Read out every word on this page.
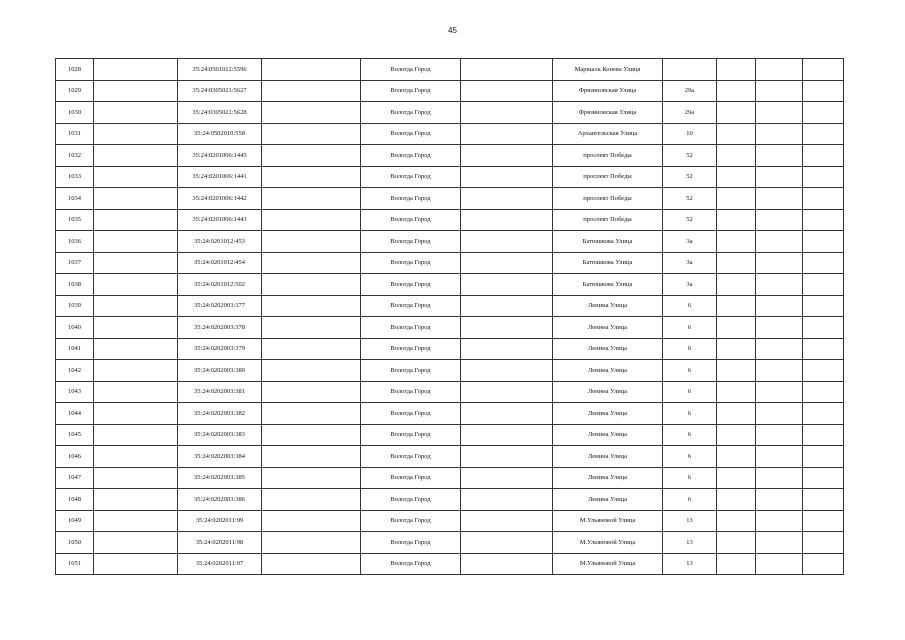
45
1028		35:24:0501012:5596		Вологда Город		Маршала Конева Улица				
1029		35:24:0305021:5627		Вологда Город		Фрязиновская Улица	29а			
1030		35:24:0305021:5628		Вологда Город		Фрязиновская Улица	29а			
1031		35:24:0502010:558		Вологда Город		Архангельская Улица	10			
1032		35:24:0201006:1445		Вологда Город		проспект Победы	52			
1033		35:24:0201006:1441		Вологда Город		проспект Победы	52			
1034		35:24:0201006:1442		Вологда Город		проспект Победы	52			
1035		35:24:0201006:1443		Вологда Город		проспект Победы	52			
1036		35:24:0201012:453		Вологда Город		Батюшкова Улица	3а			
1037		35:24:0201012:454		Вологда Город		Батюшкова Улица	3а			
1038		35:24:0201012:502		Вологда Город		Батюшкова Улица	3а			
1039		35:24:0202003:377		Вологда Город		Ленина Улица	6			
1040		35:24:0202003:378		Вологда Город		Ленина Улица	6			
1041		35:24:0202003:379		Вологда Город		Ленина Улица	6			
1042		35:24:0202003:380		Вологда Город		Ленина Улица	6			
1043		35:24:0202003:381		Вологда Город		Ленина Улица	6			
1044		35:24:0202003:382		Вологда Город		Ленина Улица	6			
1045		35:24:0202003:383		Вологда Город		Ленина Улица	6			
1046		35:24:0202003:384		Вологда Город		Ленина Улица	6			
1047		35:24:0202003:385		Вологда Город		Ленина Улица	6			
1048		35:24:0202003:386		Вологда Город		Ленина Улица	6			
1049		35:24:0202011:99		Вологда Город		М.Ульяновой Улица	13			
1050		35:24:0202011:98		Вологда Город		М.Ульяновой Улица	13			
1051		35:24:0202011:97		Вологда Город		М.Ульяновой Улица	13			
